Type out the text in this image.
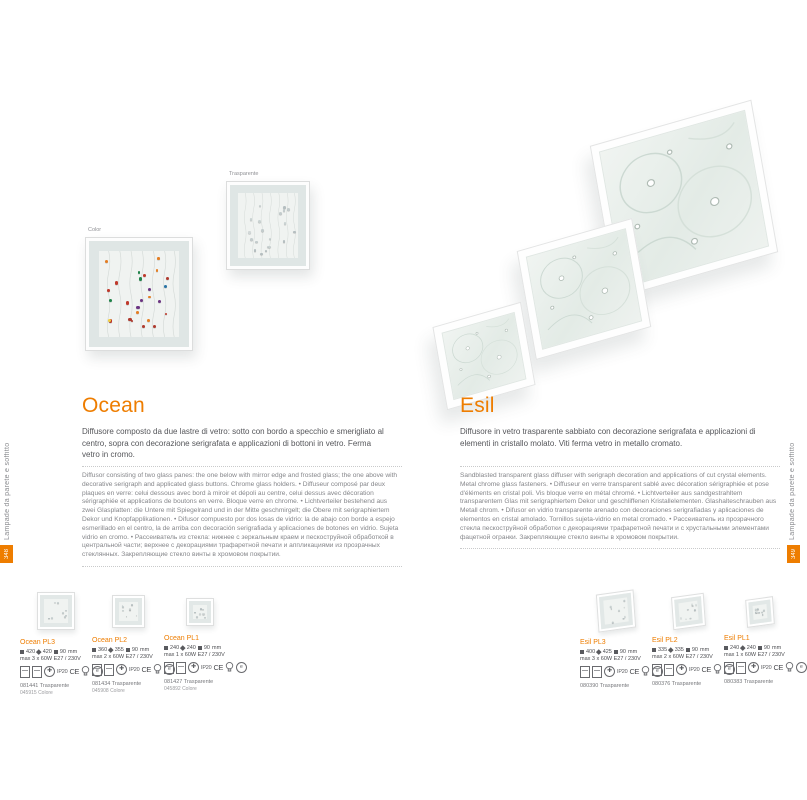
Lampade da parete e soffitto
348
Lampade da parete e soffitto
349
Color
Trasparente
Ocean

Diffusore composto da due lastre di vetro: sotto con bordo a specchio e smerigliato al centro, sopra con decorazione serigrafata e applicazioni di bottoni in vetro. Ferma vetro in cromo.

Diffusor consisting of two glass panes: the one below with mirror edge and frosted glass; the one above with decorative serigraph and applicated glass buttons. Chrome glass holders. • Diffuseur composé par deux plaques en verre: celui dessous avec bord à miroir et dépoli au centre, celui dessus avec décoration sérigraphiée et applications de boutons en verre. Bloque verre en chrome. • Lichtverteiler bestehend aus zwei Glasplatten: die Untere mit Spiegelrand und in der Mitte geschmirgelt; die Obere mit serigraphiertem Dekor und Knopfapplikationen. • Difusor compuesto por dos losas de vidrio: la de abajo con borde a espejo esmerillado en el centro, la de arriba con decoración serigrafiada y aplicaciones de botones en vidrio. Sujeta vidrio en cromo. • Рассеиватель из стекла: нижнее с зеркальным краем и пескоструйной обработкой в центральной части; верхнее с декорациями трафаретной печати и аппликациями из прозрачных стеклянных. Закрепляющие стекло винты в хромовом покрытии.

Esil

Diffusore in vetro trasparente sabbiato con decorazione serigrafata e applicazioni di elementi in cristallo molato. Viti ferma vetro in metallo cromato.

Sandblasted transparent glass diffuser with serigraph decoration and applications of cut crystal elements. Metal chrome glass fasteners. • Diffuseur en verre transparent sablé avec décoration sérigraphiée et pose d'éléments en cristal poli. Vis bloque verre en métal chromé. • Lichtverteiler aus sandgestrahltem transparentem Glas mit serigraphiertem Dekor und geschliffenen Kristallelementen. Glashalteschrauben aus Metall chrom. • Difusor en vidrio transparente arenado con decoraciones serigrafiadas y aplicaciones de elementos en cristal amolado. Tornillos sujeta-vidrio en metal cromado. • Рассеиватель из прозрачного стекла пескоструйной обработки с декорациями трафаретной печати и с хрустальными элементами фацетной огранки. Закрепляющие стекло винты в хромовом покрытии.

Ocean PL3
420 420 90 mm
max 3 x 60W E27 / 230V
✚ IP20 CE	e
081441 Trasparente
045915 Colore
Ocean PL2
360 355 90 mm
max 2 x 60W E27 / 230V
✚ IP20 CE	e
081434 Trasparente
045908 Colore
Ocean PL1
240 240 90 mm
max 1 x 60W E27 / 230V
✚ IP20 CE	e
081427 Trasparente
045892 Colore
Esil PL3
400 425 90 mm
max 3 x 60W E27 / 230V
✚ IP20 CE	e
080390 Trasparente
Esil PL2
335 335 90 mm
max 2 x 60W E27 / 230V
✚ IP20 CE	e
080376 Trasparente
Esil PL1
240 240 90 mm
max 1 x 60W E27 / 230V
✚ IP20 CE	e
080383 Trasparente
